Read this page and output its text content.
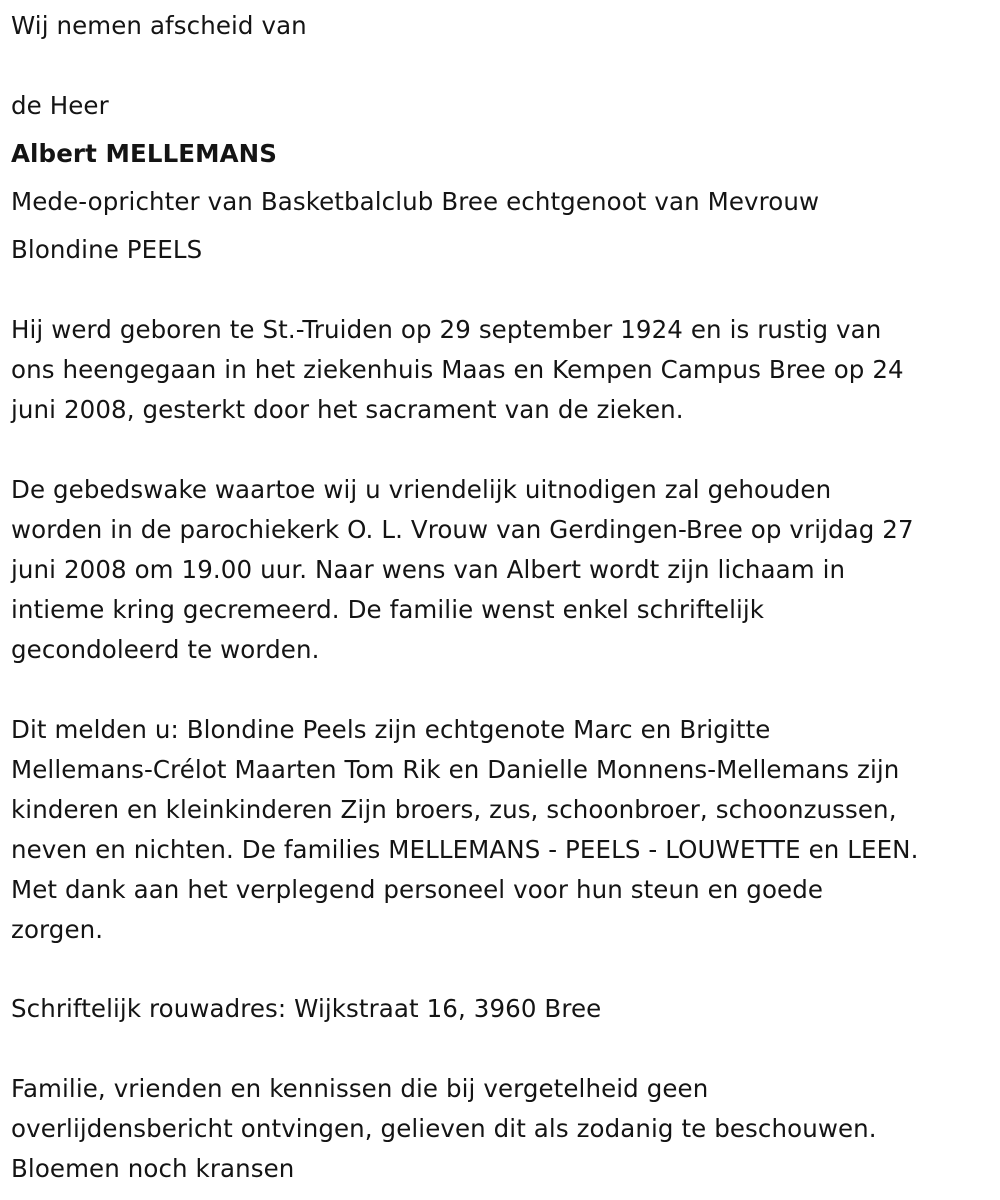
Wij nemen afscheid van

de Heer

Albert MELLEMANS

Mede-oprichter van Basketbalclub Bree echtgenoot van Mevrouw

Blondine PEELS

Hij werd geboren te St.-Truiden op 29 september 1924 en is rustig van

ons heengegaan in het ziekenhuis Maas en Kempen Campus Bree op 24

juni 2008, gesterkt door het sacrament van de zieken.

De gebedswake waartoe wij u vriendelijk uitnodigen zal gehouden

worden in de parochiekerk O. L. Vrouw van Gerdingen-Bree op vrijdag 27

juni 2008 om 19.00 uur. Naar wens van Albert wordt zijn lichaam in

intieme kring gecremeerd. De familie wenst enkel schriftelijk

gecondoleerd te worden.

Dit melden u: Blondine Peels zijn echtgenote Marc en Brigitte

Mellemans-Crélot Maarten Tom Rik en Danielle Monnens-Mellemans zijn

kinderen en kleinkinderen Zijn broers, zus, schoonbroer, schoonzussen,

neven en nichten. De families MELLEMANS - PEELS - LOUWETTE en LEEN.

Met dank aan het verplegend personeel voor hun steun en goede

zorgen.

Schriftelijk rouwadres: Wijkstraat 16, 3960 Bree

Familie, vrienden en kennissen die bij vergetelheid geen

overlijdensbericht ontvingen, gelieven dit als zodanig te beschouwen.

Bloemen noch kransen
